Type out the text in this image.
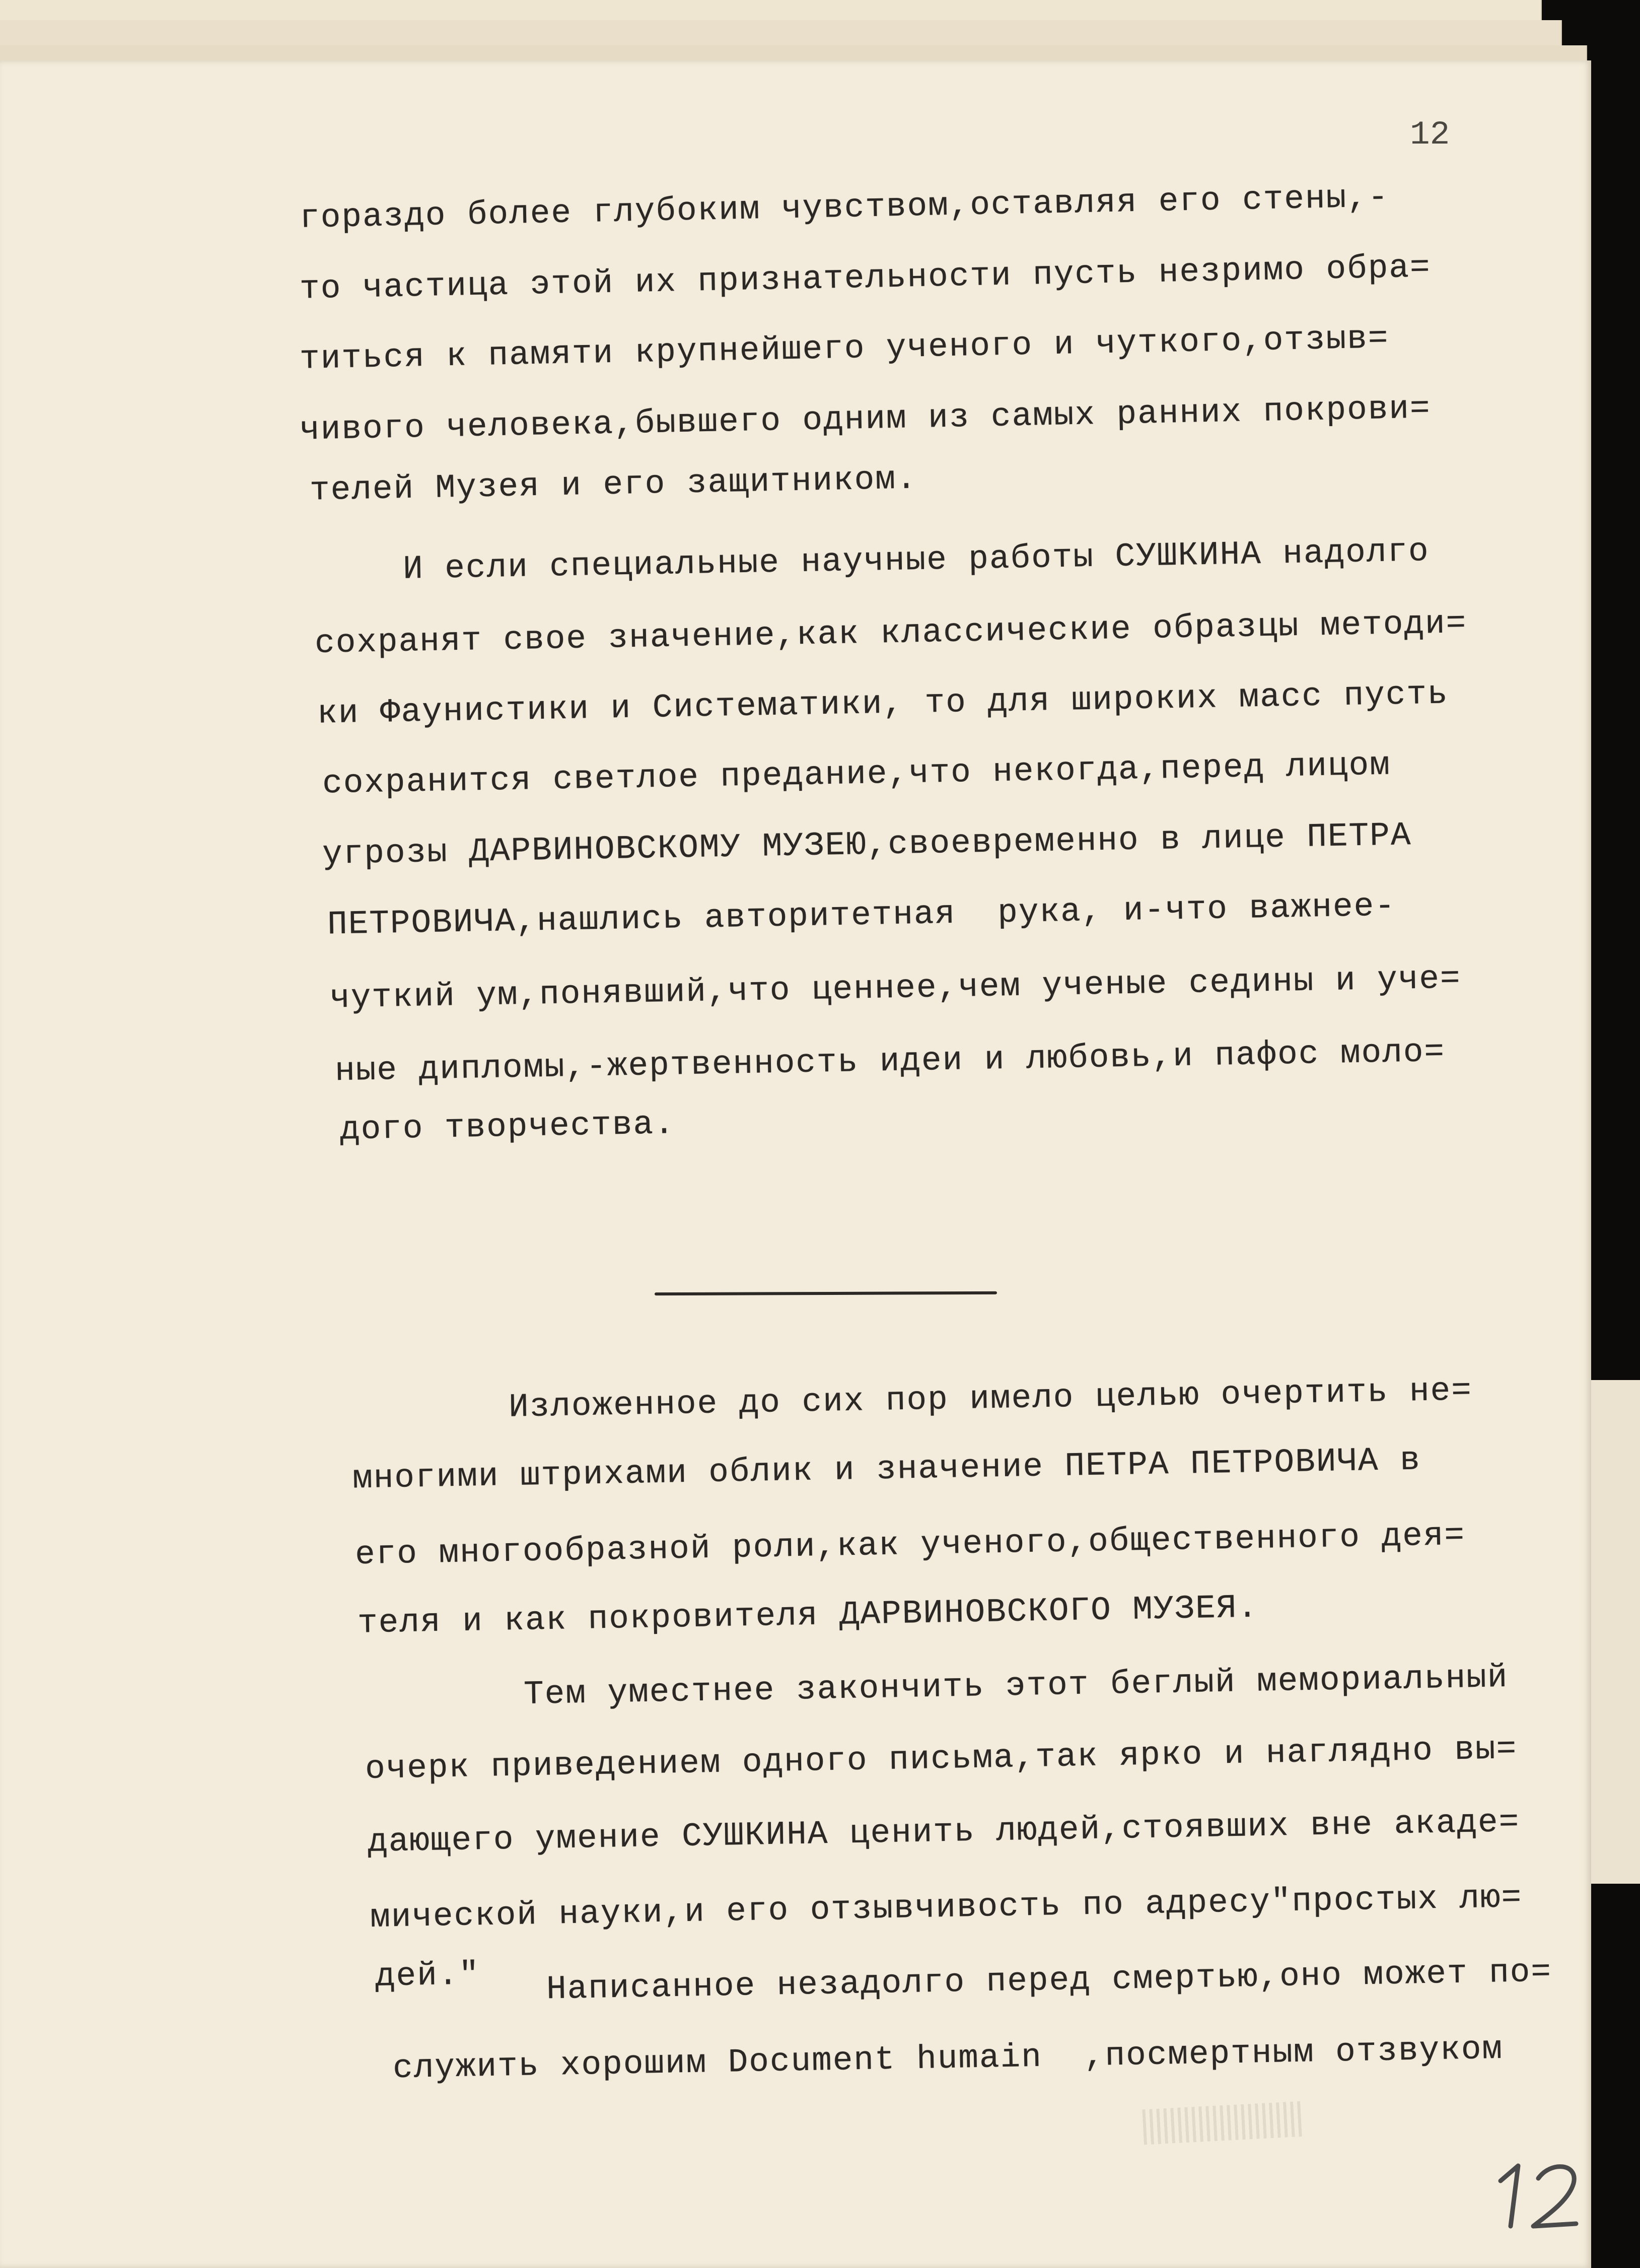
12

гораздо более глубоким чувством,оставляя его стены,-

то частица этой их признательности пусть незримо обра=

титься к памяти крупнейшего ученого и чуткого,отзыв=

чивого человека,бывшего одним из самых ранних покрови=

телей Музея и его защитником.

И если специальные научные работы СУШКИНА надолго

сохранят свое значение,как классические образцы методи=

ки Фаунистики и Систематики, то для широких масс пусть

сохранится светлое предание,что некогда,перед лицом

угрозы ДАРВИНОВСКОМУ МУЗЕЮ,своевременно в лице ПЕТРА

ПЕТРОВИЧА,нашлись авторитетная  рука, и-что важнее-

чуткий ум,понявший,что ценнее,чем ученые седины и уче=

ные дипломы,-жертвенность идеи и любовь,и пафос моло=

дого творчества.

Изложенное до сих пор имело целью очертить не=

многими штрихами облик и значение ПЕТРА ПЕТРОВИЧА в

его многообразной роли,как ученого,общественного дея=

теля и как покровителя ДАРВИНОВСКОГО МУЗЕЯ.

Тем уместнее закончить этот беглый мемориальный

очерк приведением одного письма,так ярко и наглядно вы=

дающего умение СУШКИНА ценить людей,стоявших вне акаде=

мической науки,и его отзывчивость по адресу"простых лю=

дей." Написанное незадолго перед смертью,оно может по=

служить хорошим Document humain  ,посмертным отзвуком
